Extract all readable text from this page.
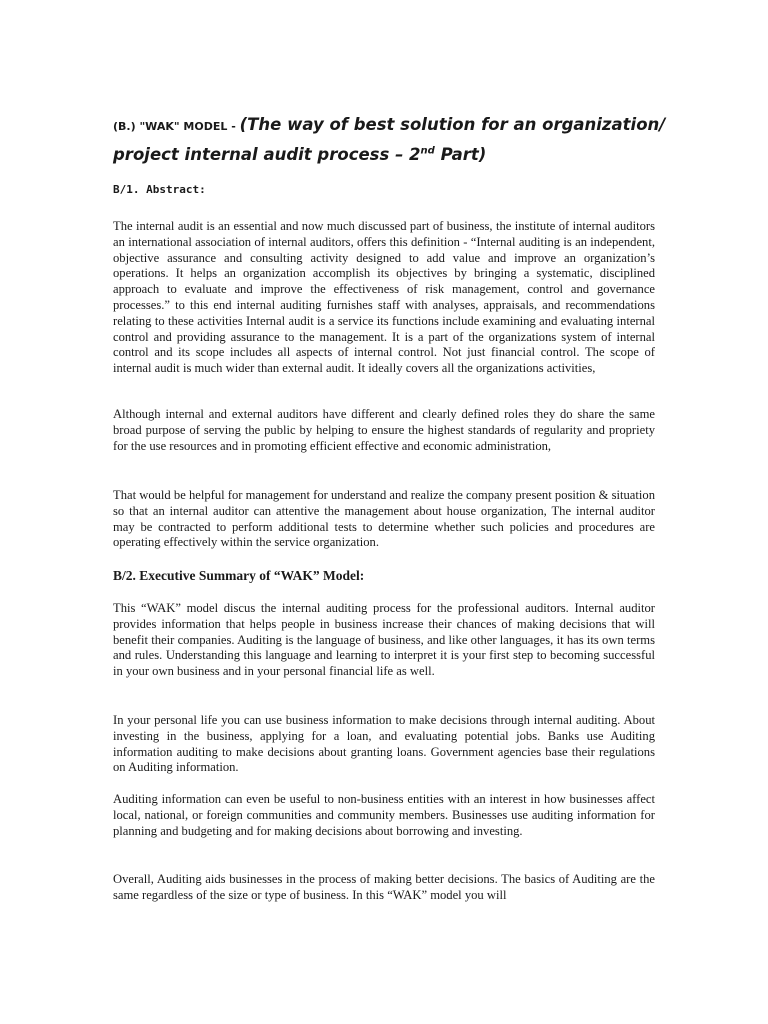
(B.) "WAK" MODEL - (The way of best solution for an organization/ project internal audit process – 2nd Part)
B/1. Abstract:

The internal audit is an essential and now much discussed part of business, the institute of internal auditors an international association of internal auditors, offers this definition - “Internal auditing is an independent, objective assurance and consulting activity designed to add value and improve an organization’s operations. It helps an organization accomplish its objectives by bringing a systematic, disciplined approach to evaluate and improve the effectiveness of risk management, control and governance processes.” to this end internal auditing furnishes staff with analyses, appraisals, and recommendations relating to these activities Internal audit is a service its functions include examining and evaluating internal control and providing assurance to the management. It is a part of the organizations system of internal control and its scope includes all aspects of internal control. Not just financial control. The scope of internal audit is much wider than external audit. It ideally covers all the organizations activities,

Although internal and external auditors have different and clearly defined roles they do share the same broad purpose of serving the public by helping to ensure the highest standards of regularity and propriety for the use resources and in promoting efficient effective and economic administration,

That would be helpful for management for understand and realize the company present position & situation so that an internal auditor can attentive the management about house organization, The internal auditor may be contracted to perform additional tests to determine whether such policies and procedures are operating effectively within the service organization.

B/2. Executive Summary of “WAK” Model:

This “WAK” model discus the internal auditing process for the professional auditors. Internal auditor provides information that helps people in business increase their chances of making decisions that will benefit their companies. Auditing is the language of business, and like other languages, it has its own terms and rules. Understanding this language and learning to interpret it is your first step to becoming successful in your own business and in your personal financial life as well.

In your personal life you can use business information to make decisions through internal auditing. About investing in the business, applying for a loan, and evaluating potential jobs. Banks use Auditing information auditing to make decisions about granting loans. Government agencies base their regulations on Auditing information.

Auditing information can even be useful to non-business entities with an interest in how businesses affect local, national, or foreign communities and community members. Businesses use auditing information for planning and budgeting and for making decisions about borrowing and investing.

Overall, Auditing aids businesses in the process of making better decisions. The basics of Auditing are the same regardless of the size or type of business. In this “WAK” model you will
